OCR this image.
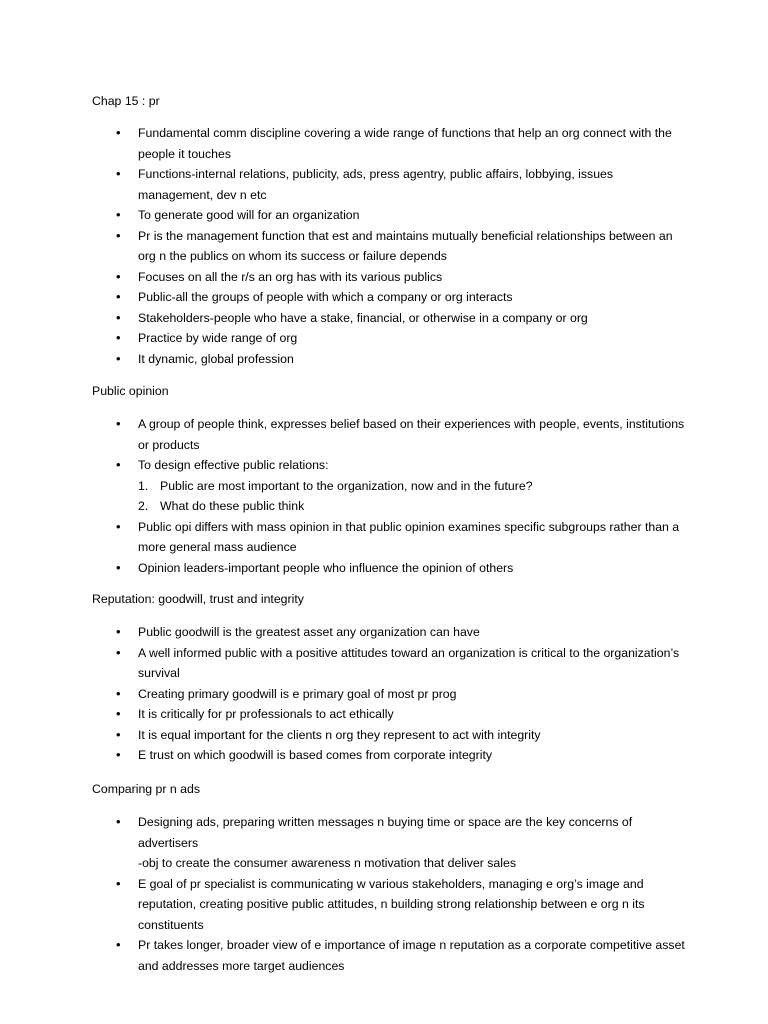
Chap 15 : pr
• Fundamental comm discipline covering a wide range of functions that help an org connect with the people it touches
• Functions-internal relations, publicity, ads, press agentry, public affairs, lobbying, issues management, dev n etc
• To generate good will for an organization
• Pr is the management function that est and maintains mutually beneficial relationships between an org n the publics on whom its success or failure depends
• Focuses on all the r/s an org has with its various publics
• Public-all the groups of people with which a company or org interacts
• Stakeholders-people who have a stake, financial, or otherwise in a company or org
• Practice by wide range of org
• It dynamic, global profession
Public opinion
• A group of people think, expresses belief based on their experiences with people, events, institutions or products
• To design effective public relations:
1. Public are most important to the organization, now and in the future?
2. What do these public think
• Public opi differs with mass opinion in that public opinion examines specific subgroups rather than a more general mass audience
• Opinion leaders-important people who influence the opinion of others
Reputation: goodwill, trust and integrity
• Public goodwill is the greatest asset any organization can have
• A well informed public with a positive attitudes toward an organization is critical to the organization’s survival
• Creating primary goodwill is e primary goal of most pr prog
• It is critically for pr professionals to act ethically
• It is equal important for the clients n org they represent to act with integrity
• E trust on which goodwill is based comes from corporate integrity
Comparing pr n ads
• Designing ads, preparing written messages n buying time or space are the key concerns of advertisers
-obj to create the consumer awareness n motivation that deliver sales
• E goal of pr specialist is communicating w various stakeholders, managing e org’s image and reputation, creating positive public attitudes, n building strong relationship between e org n its constituents
• Pr takes longer, broader view of e importance of image n reputation as a corporate competitive asset and addresses more target audiences
